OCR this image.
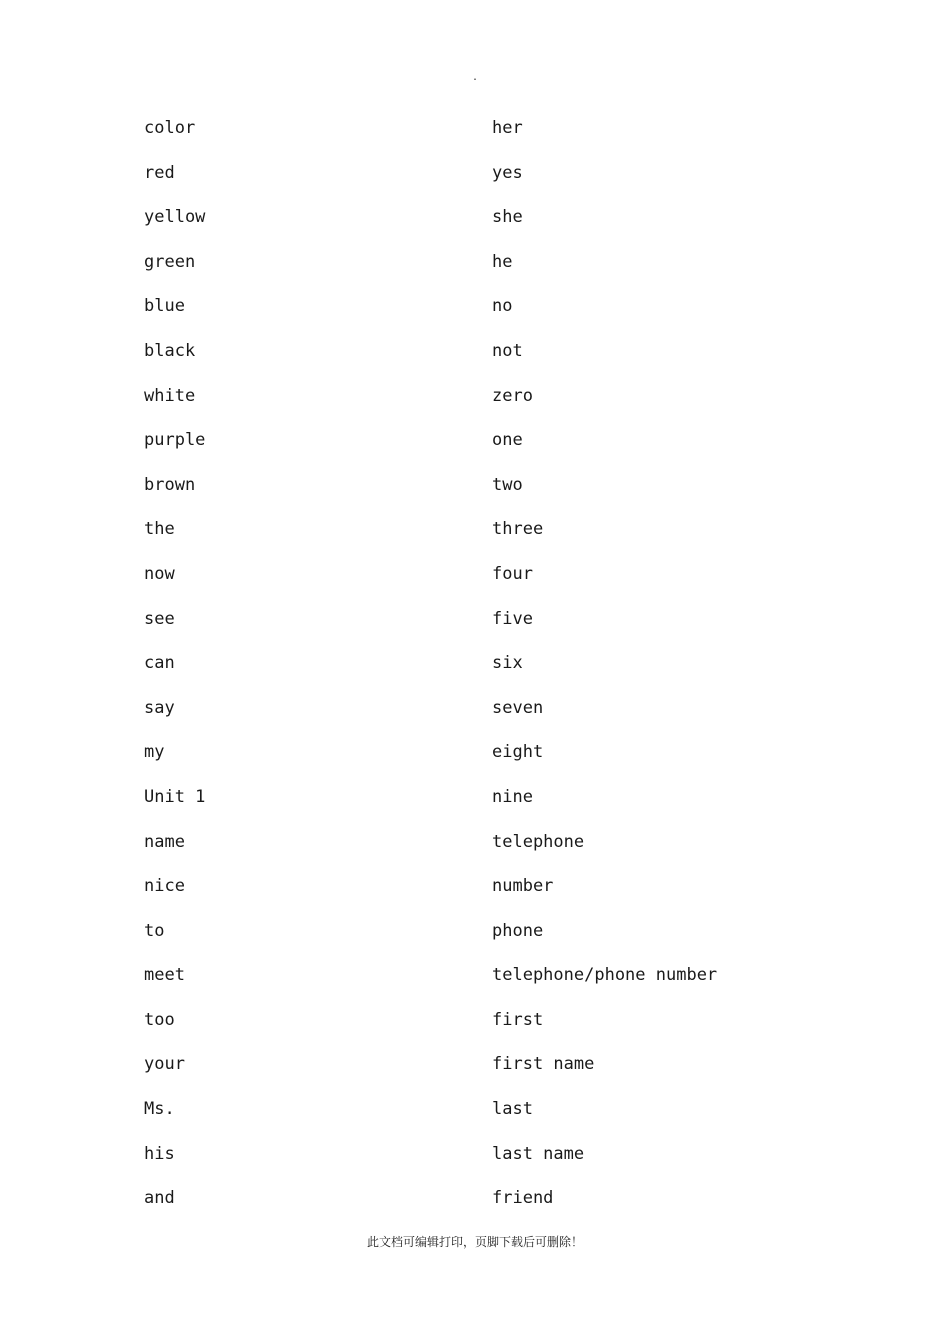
.
color	her
red	yes
yellow	she
green	he
blue	no
black	not
white	zero
purple	one
brown	two
the	three
now	four
see	five
can	six
say	seven
my	eight
Unit 1	nine
name	telephone
nice	number
to	phone
meet	telephone/phone number
too	first
your	first name
Ms.	last
his	last name
and	friend
此文档可编辑打印，页脚下载后可删除！
